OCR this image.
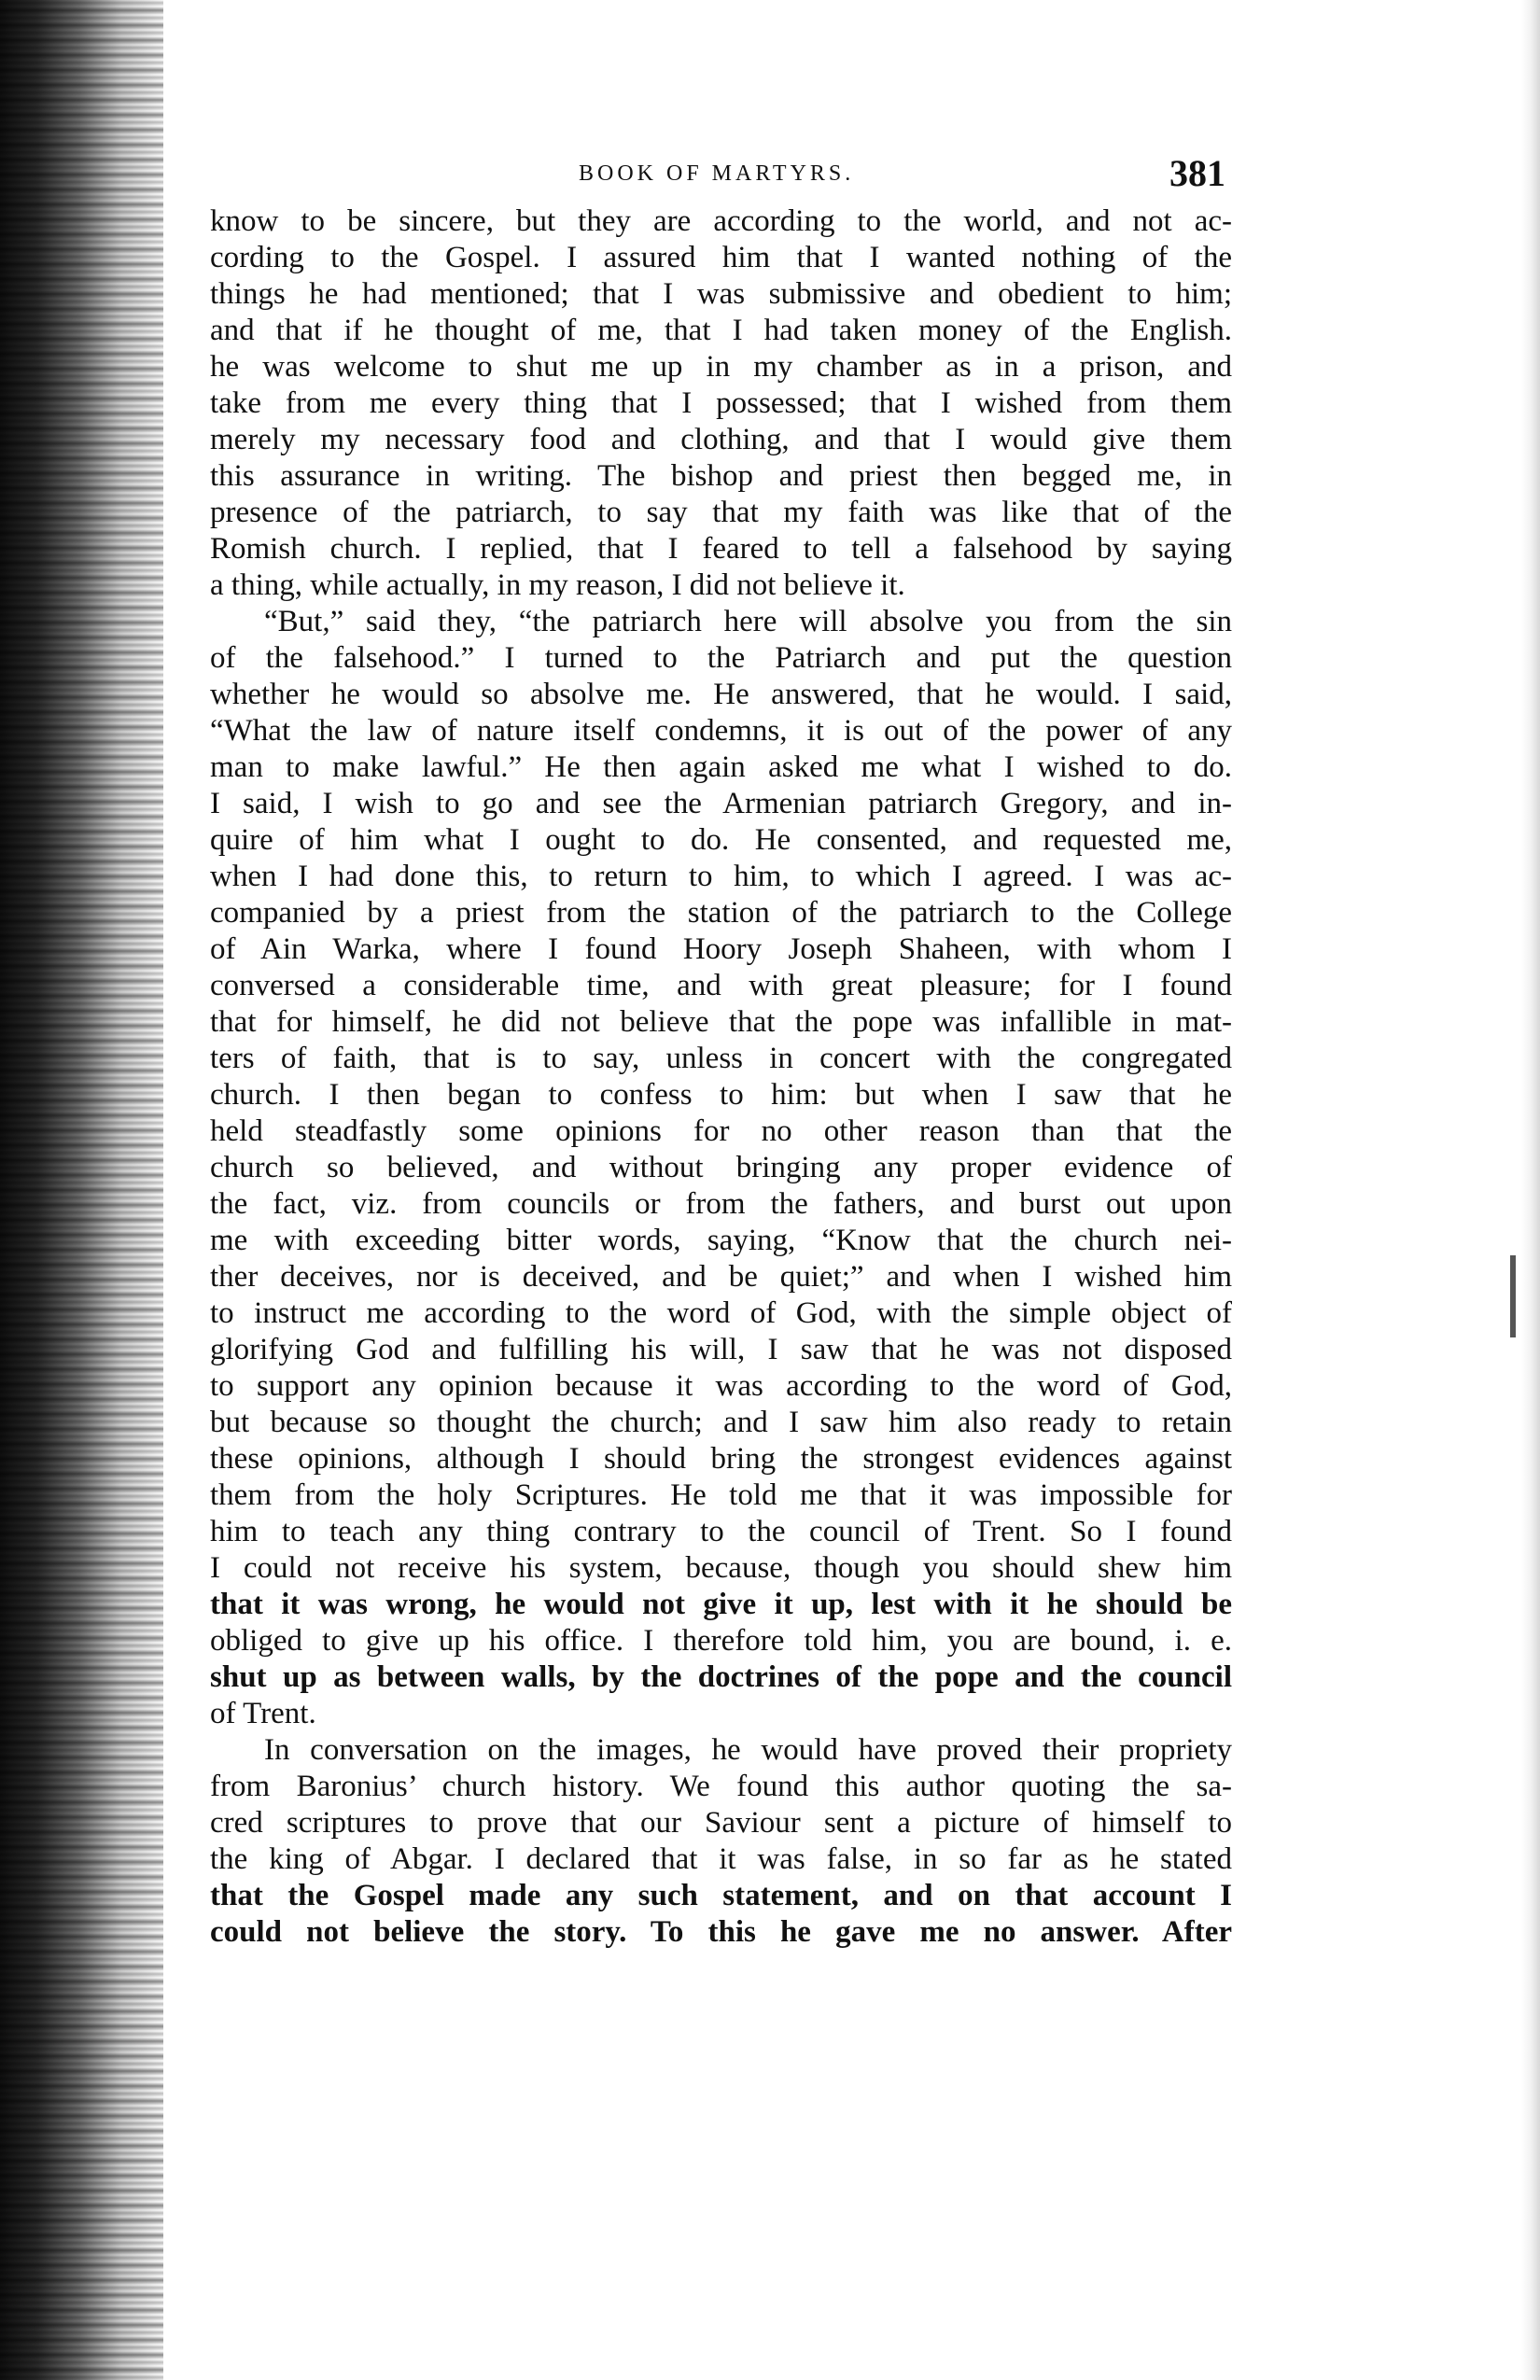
BOOK OF MARTYRS.	381
know to be sincere, but they are according to the world, and not ac-
cording to the Gospel. I assured him that I wanted nothing of the
things he had mentioned; that I was submissive and obedient to him;
and that if he thought of me, that I had taken money of the English.
he was welcome to shut me up in my chamber as in a prison, and
take from me every thing that I possessed; that I wished from them
merely my necessary food and clothing, and that I would give them
this assurance in writing. The bishop and priest then begged me, in
presence of the patriarch, to say that my faith was like that of the
Romish church. I replied, that I feared to tell a falsehood by saying
a thing, while actually, in my reason, I did not believe it.
“But,” said they, “the patriarch here will absolve you from the sin
of the falsehood.” I turned to the Patriarch and put the question
whether he would so absolve me. He answered, that he would. I said,
“What the law of nature itself condemns, it is out of the power of any
man to make lawful.” He then again asked me what I wished to do.
I said, I wish to go and see the Armenian patriarch Gregory, and in-
quire of him what I ought to do. He consented, and requested me,
when I had done this, to return to him, to which I agreed. I was ac-
companied by a priest from the station of the patriarch to the College
of Ain Warka, where I found Hoory Joseph Shaheen, with whom I
conversed a considerable time, and with great pleasure; for I found
that for himself, he did not believe that the pope was infallible in mat-
ters of faith, that is to say, unless in concert with the congregated
church. I then began to confess to him: but when I saw that he
held steadfastly some opinions for no other reason than that the
church so believed, and without bringing any proper evidence of
the fact, viz. from councils or from the fathers, and burst out upon
me with exceeding bitter words, saying, “Know that the church nei-
ther deceives, nor is deceived, and be quiet;” and when I wished him
to instruct me according to the word of God, with the simple object of
glorifying God and fulfilling his will, I saw that he was not disposed
to support any opinion because it was according to the word of God,
but because so thought the church; and I saw him also ready to retain
these opinions, although I should bring the strongest evidences against
them from the holy Scriptures. He told me that it was impossible for
him to teach any thing contrary to the council of Trent. So I found
I could not receive his system, because, though you should shew him
that it was wrong, he would not give it up, lest with it he should be
obliged to give up his office. I therefore told him, you are bound, i. e.
shut up as between walls, by the doctrines of the pope and the council
of Trent.
In conversation on the images, he would have proved their propriety
from Baronius’ church history. We found this author quoting the sa-
cred scriptures to prove that our Saviour sent a picture of himself to
the king of Abgar. I declared that it was false, in so far as he stated
that the Gospel made any such statement, and on that account I
could not believe the story. To this he gave me no answer. After
